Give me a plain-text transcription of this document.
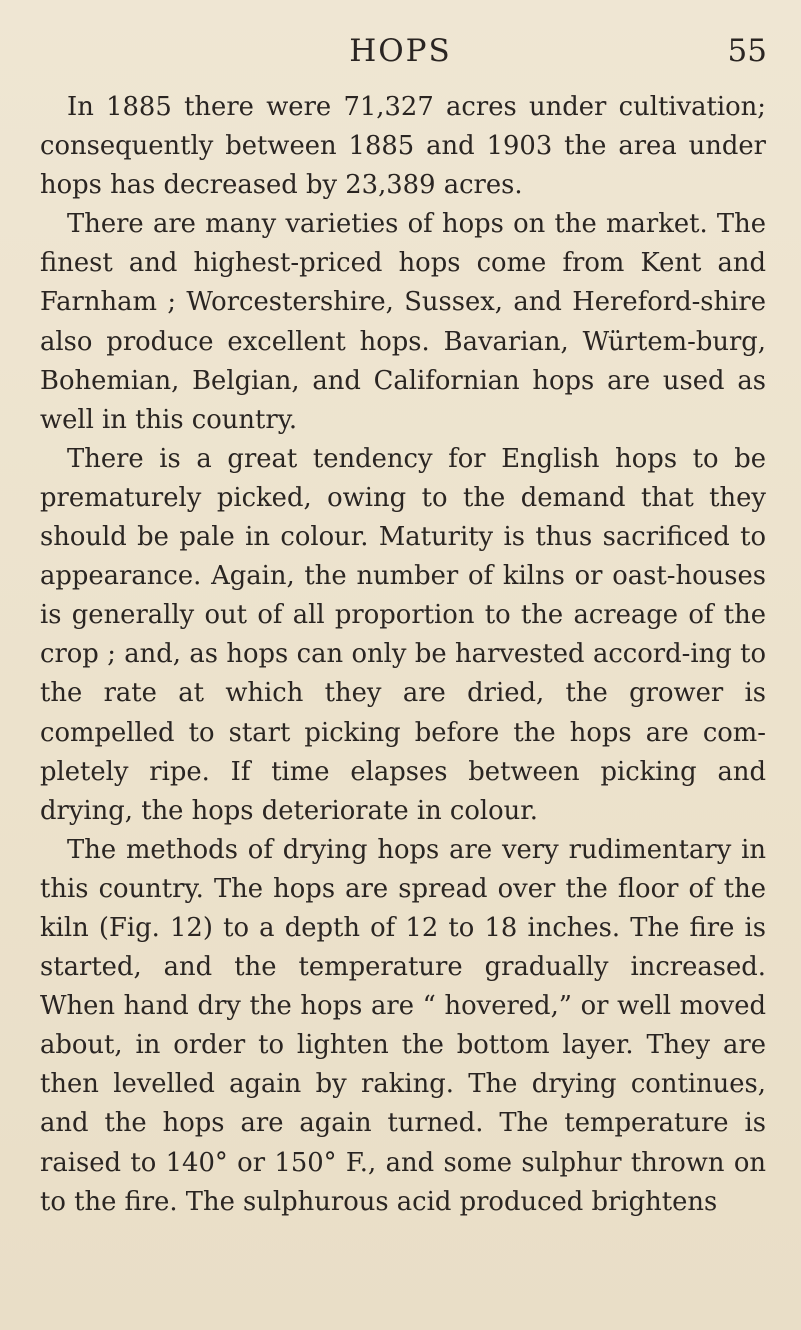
HOPS	55

In 1885 there were 71,327 acres under cultivation; consequently between 1885 and 1903 the area under hops has decreased by 23,389 acres.

There are many varieties of hops on the market. The finest and highest-priced hops come from Kent and Farnham ; Worcestershire, Sussex, and Hereford-shire also produce excellent hops. Bavarian, Würtem-burg, Bohemian, Belgian, and Californian hops are used as well in this country.

There is a great tendency for English hops to be prematurely picked, owing to the demand that they should be pale in colour. Maturity is thus sacrificed to appearance. Again, the number of kilns or oast-houses is generally out of all proportion to the acreage of the crop ; and, as hops can only be harvested accord-ing to the rate at which they are dried, the grower is compelled to start picking before the hops are com-pletely ripe. If time elapses between picking and drying, the hops deteriorate in colour.

The methods of drying hops are very rudimentary in this country. The hops are spread over the floor of the kiln (Fig. 12) to a depth of 12 to 18 inches. The fire is started, and the temperature gradually increased. When hand dry the hops are “ hovered,” or well moved about, in order to lighten the bottom layer. They are then levelled again by raking. The drying continues, and the hops are again turned. The temperature is raised to 140° or 150° F., and some sulphur thrown on to the fire. The sulphurous acid produced brightens
